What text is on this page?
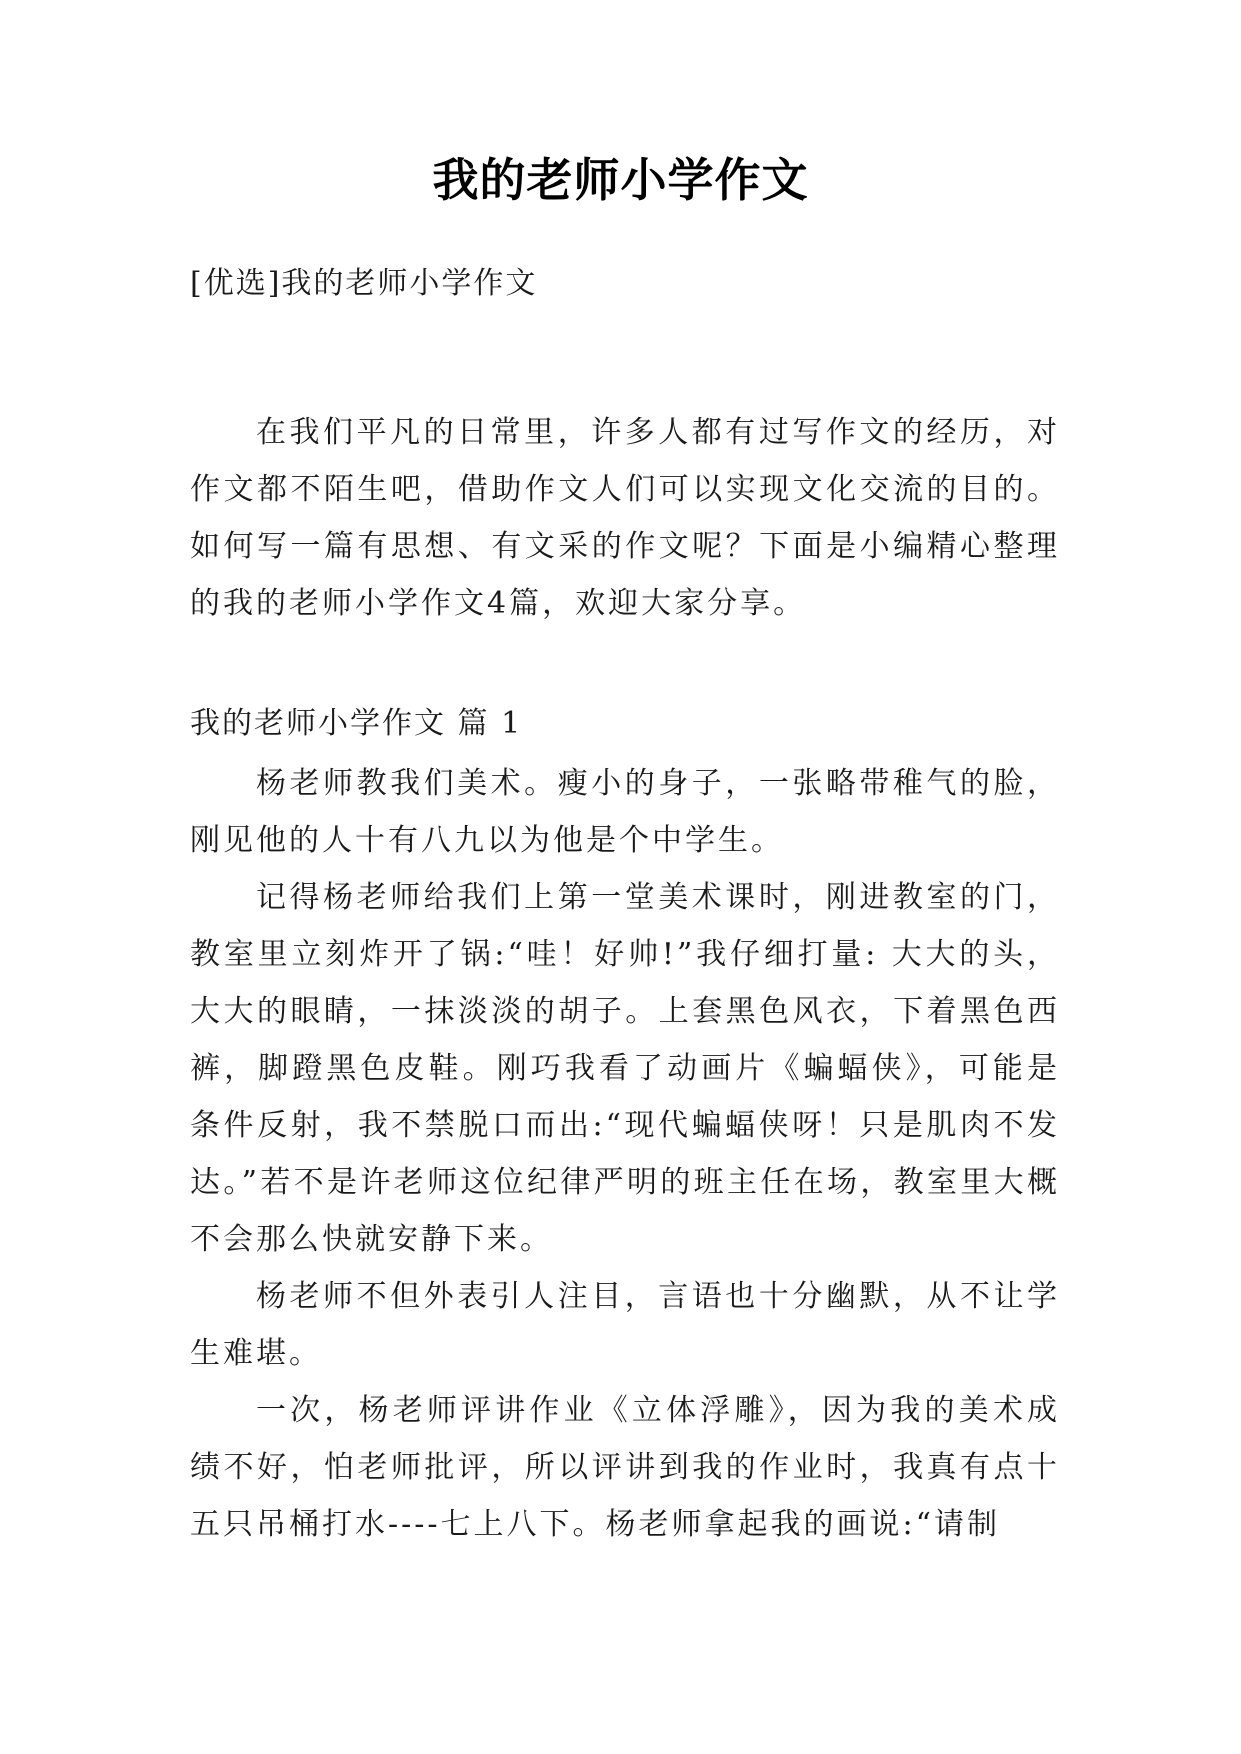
我的老师小学作文
[优选]我的老师小学作文

在我们平凡的日常里，许多人都有过写作文的经历，对作文都不陌生吧，借助作文人们可以实现文化交流的目的。如何写一篇有思想、有文采的作文呢？下面是小编精心整理的我的老师小学作文4篇，欢迎大家分享。

我的老师小学作文 篇 1

杨老师教我们美术。瘦小的身子，一张略带稚气的脸，刚见他的人十有八九以为他是个中学生。

记得杨老师给我们上第一堂美术课时，刚进教室的门，教室里立刻炸开了锅:“哇！好帅!”我仔细打量: 大大的头，大大的眼睛，一抹淡淡的胡子。上套黑色风衣，下着黑色西裤，脚蹬黑色皮鞋。刚巧我看了动画片《蝙蝠侠》，可能是条件反射，我不禁脱口而出:“现代蝙蝠侠呀！只是肌肉不发达。”若不是许老师这位纪律严明的班主任在场，教室里大概不会那么快就安静下来。

杨老师不但外表引人注目，言语也十分幽默，从不让学生难堪。

一次，杨老师评讲作业《立体浮雕》，因为我的美术成绩不好，怕老师批评，所以评讲到我的作业时，我真有点十五只吊桶打水----七上八下。杨老师拿起我的画说:“请制
